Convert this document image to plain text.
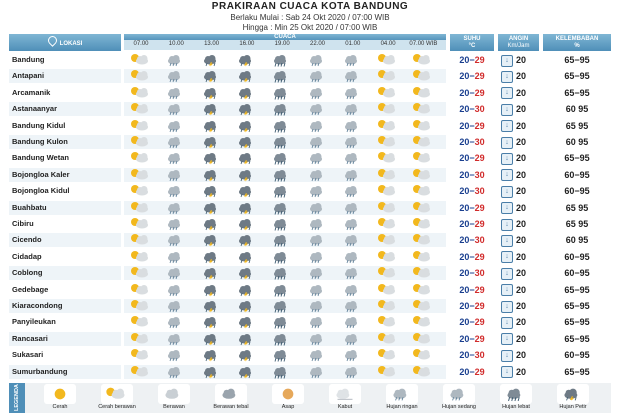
PRAKIRAAN CUACA KOTA BANDUNG
Berlaku Mulai : Sab 24 Okt 2020 / 07:00 WIB
Hingga : Min 25 Okt 2020 / 07:00 WIB
LOKASI
CUACA	SUHU
°C
ANGIN
Km/Jam
KELEMBABAN
%
07.00	10.00	13.00	16.00	19.00	22.00	01.00	04.00	07.00 WIB
Bandung	20−29	↓ 20	65−95
Antapani	20−29	↓ 20	65−95
Arcamanik	20−29	↓ 20	65−95
Astanaanyar	20−30	↓ 20	60 95
Bandung Kidul	20−29	↓ 20	65 95
Bandung Kulon	20−30	↓ 20	60 95
Bandung Wetan	20−29	↓ 20	65−95
Bojongloa Kaler	20−30	↓ 20	60−95
Bojongloa Kidul	20−30	↓ 20	60−95
Buahbatu	20−29	↓ 20	65 95
Cibiru	20−29	↓ 20	65 95
Cicendo	20−30	↓ 20	60 95
Cidadap	20−29	↓ 20	60−95
Coblong	20−30	↓ 20	60−95
Gedebage	20−29	↓ 20	65−95
Kiaracondong	20−29	↓ 20	65−95
Panyileukan	20−29	↓ 20	65−95
Rancasari	20−29	↓ 20	65−95
Sukasari	20−30	↓ 20	60−95
Sumurbandung	20−29	↓ 20	65−95
LEGENDA	Cerah	Cerah berawan	Berawan	Berawan tebal	Asap	Kabut	Hujan ringan	Hujan sedang	Hujan lebat	Hujan Petir
